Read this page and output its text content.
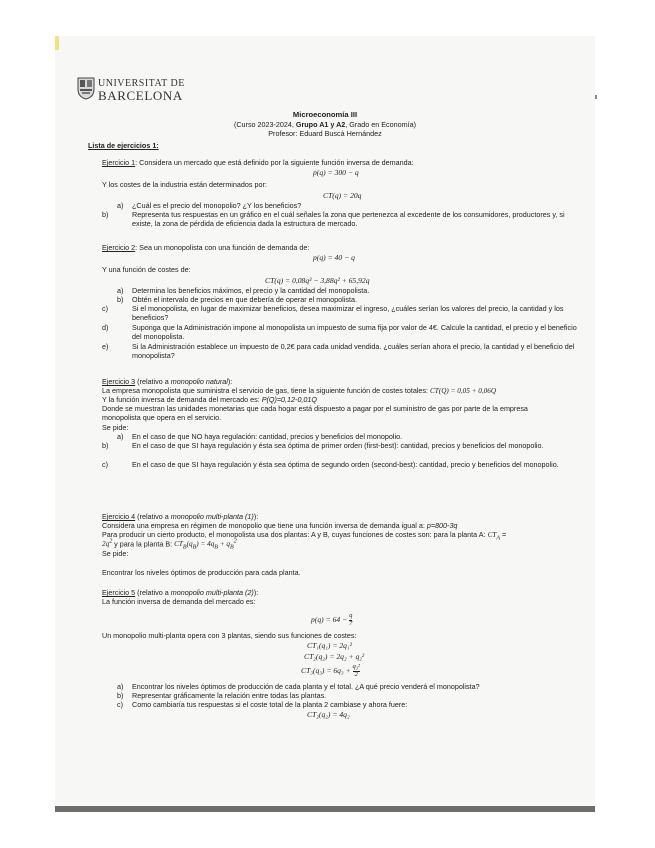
UNIVERSITAT DE
BARCELONA
Microeconomía III
(Curso 2023-2024, Grupo A1 y A2, Grado en Economía)
Profesor: Eduard Buscà Hernández
Lista de ejercicios 1:
Ejercicio 1: Considera un mercado que está definido por la siguiente función inversa de demanda:
p(q) = 300 − q
Y los costes de la industria están determinados por:
CT(q) = 20q
a) ¿Cuál es el precio del monopolio? ¿Y los beneficios?
b)	Representa tus respuestas en un gráfico en el cuál señales la zona que pertenezca al excedente de los consumidores, productores y, si existe, la zona de pérdida de eficiencia dada la estructura de mercado.
Ejercicio 2: Sea un monopolista con una función de demanda de:
p(q) = 40 − q
Y una función de costes de:
CT(q) = 0,08q³ − 3,88q² + 65,92q
a) Determina los beneficios máximos, el precio y la cantidad del monopolista.
b) Obtén el intervalo de precios en que debería de operar el monopolista.
c)	Si el monopolista, en lugar de maximizar beneficios, desea maximizar el ingreso, ¿cuáles serían los valores del precio, la cantidad y los beneficios?
d)	Suponga que la Administración impone al monopolista un impuesto de suma fija por valor de 4€. Calcule la cantidad, el precio y el beneficio del monopolista.
e)	Si la Administración establece un impuesto de 0,2€ para cada unidad vendida. ¿cuáles serían ahora el precio, la cantidad y el beneficio del monopolista?
Ejercicio 3 (relativo a monopolio natural):
La empresa monopolista que suministra el servicio de gas, tiene la siguiente función de costes totales: CT(Q) = 0,05 + 0,06Q
Y la función inversa de demanda del mercado es: P(Q)=0,12-0,01Q
Donde se muestran las unidades monetarias que cada hogar está dispuesto a pagar por el suministro de gas por parte de la empresa monopolista que opera en el servicio.
Se pide:
a) En el caso de que NO haya regulación: cantidad, precios y beneficios del monopolio.
b)	En el caso de que SI haya regulación y ésta sea óptima de primer orden (first-best): cantidad, precios y beneficios del monopolio.
c)	En el caso de que SI haya regulación y ésta sea óptima de segundo orden (second-best): cantidad, precio y beneficios del monopolio.
Ejercicio 4 (relativo a monopolio multi-planta (1)):
Considera una empresa en régimen de monopolio que tiene una función inversa de demanda igual a: p=800-3q
Para producir un cierto producto, el monopolista usa dos plantas: A y B, cuyas funciones de costes son: para la planta A: $CT_A$ =
$2q^2$ y para la planta B: $CT_B(q_B) = 4q_B + q_B^2$
Se pide:
Encontrar los niveles óptimos de producción para cada planta.
Ejercicio 5 (relativo a monopolio multi-planta (2)):
La función inversa de demanda del mercado es:
$p(q) = 64 - \frac{q}{7}$
Un monopolio multi-planta opera con 3 plantas, siendo sus funciones de costes:
CT₁(q₁) = 2q₁²
CT₂(q₂) = 2q₂ + q₂²
$CT_3(q_3) = 6q_3 + \frac{\text{q₃²}}{2}$
a) Encontrar los niveles óptimos de producción de cada planta y el total. ¿A qué precio venderá el monopolista?
b) Representar gráficamente la relación entre todas las plantas.
c) Como cambiaría tus respuestas si el coste total de la planta 2 cambiase y ahora fuere:
CT₂(q₂) = 4q₂
